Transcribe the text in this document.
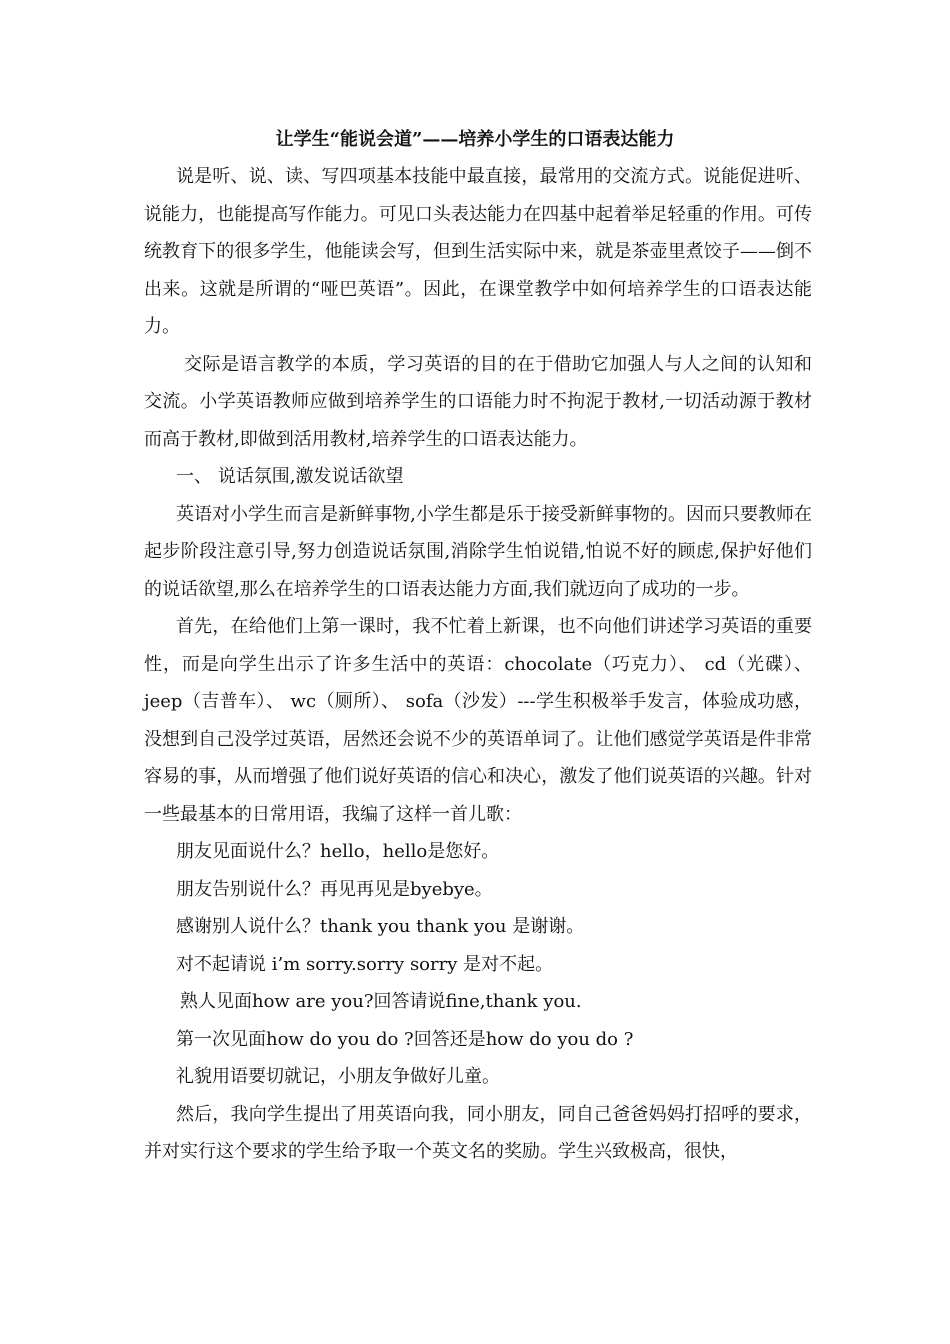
让学生“能说会道”——培养小学生的口语表达能力

说是听、说、读、写四项基本技能中最直接，最常用的交流方式。说能促进听、说能力，也能提高写作能力。可见口头表达能力在四基中起着举足轻重的作用。可传统教育下的很多学生，他能读会写，但到生活实际中来，就是茶壶里煮饺子——倒不出来。这就是所谓的“哑巴英语”。因此，在课堂教学中如何培养学生的口语表达能力。

交际是语言教学的本质，学习英语的目的在于借助它加强人与人之间的认知和交流。小学英语教师应做到培养学生的口语能力时不拘泥于教材,一切活动源于教材而高于教材,即做到活用教材,培养学生的口语表达能力。

一、 说话氛围,激发说话欲望

英语对小学生而言是新鲜事物,小学生都是乐于接受新鲜事物的。因而只要教师在起步阶段注意引导,努力创造说话氛围,消除学生怕说错,怕说不好的顾虑,保护好他们的说话欲望,那么在培养学生的口语表达能力方面,我们就迈向了成功的一步。

首先，在给他们上第一课时，我不忙着上新课，也不向他们讲述学习英语的重要性，而是向学生出示了许多生活中的英语：chocolate（巧克力）、 cd（光碟）、 jeep（吉普车）、 wc（厕所）、 sofa（沙发）---学生积极举手发言，体验成功感，没想到自己没学过英语，居然还会说不少的英语单词了。让他们感觉学英语是件非常容易的事，从而增强了他们说好英语的信心和决心，激发了他们说英语的兴趣。针对一些最基本的日常用语，我编了这样一首儿歌：

朋友见面说什么？hello，hello是您好。

朋友告别说什么？再见再见是byebye。

感谢别人说什么？thank you thank you 是谢谢。

对不起请说 i’m sorry.sorry sorry 是对不起。

熟人见面how are you?回答请说fine,thank you.

第一次见面how do you do ?回答还是how do you do ?

礼貌用语要切就记，小朋友争做好儿童。

然后，我向学生提出了用英语向我，同小朋友，同自己爸爸妈妈打招呼的要求，并对实行这个要求的学生给予取一个英文名的奖励。学生兴致极高，很快，
